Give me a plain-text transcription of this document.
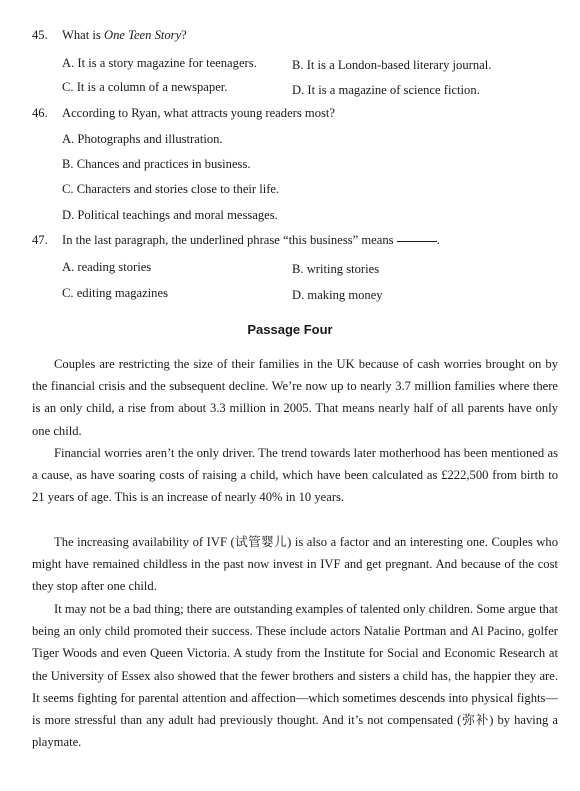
45. What is One Teen Story?
A. It is a story magazine for teenagers.	B. It is a London-based literary journal.
C. It is a column of a newspaper.	D. It is a magazine of science fiction.
46. According to Ryan, what attracts young readers most?
A. Photographs and illustration.
B. Chances and practices in business.
C. Characters and stories close to their life.
D. Political teachings and moral messages.
47. In the last paragraph, the underlined phrase “this business” means	.
A. reading stories	B. writing stories
C. editing magazines	D. making money
Passage Four
Couples are restricting the size of their families in the UK because of cash worries brought on by the financial crisis and the subsequent decline. We’re now up to nearly 3.7 million families where there is an only child, a rise from about 3.3 million in 2005. That means nearly half of all parents have only one child.
Financial worries aren’t the only driver. The trend towards later motherhood has been mentioned as a cause, as have soaring costs of raising a child, which have been calculated as £222,500 from birth to 21 years of age. This is an increase of nearly 40% in 10 years.
The increasing availability of IVF (试管婴儿) is also a factor and an interesting one. Couples who might have remained childless in the past now invest in IVF and get pregnant. And because of the cost they stop after one child.
It may not be a bad thing; there are outstanding examples of talented only children. Some argue that being an only child promoted their success. These include actors Natalie Portman and Al Pacino, golfer Tiger Woods and even Queen Victoria. A study from the Institute for Social and Economic Research at the University of Essex also showed that the fewer brothers and sisters a child has, the happier they are. It seems fighting for parental attention and affection—which sometimes descends into physical fights—is more stressful than any adult had previously thought. And it’s not compensated (弥补) by having a playmate.
